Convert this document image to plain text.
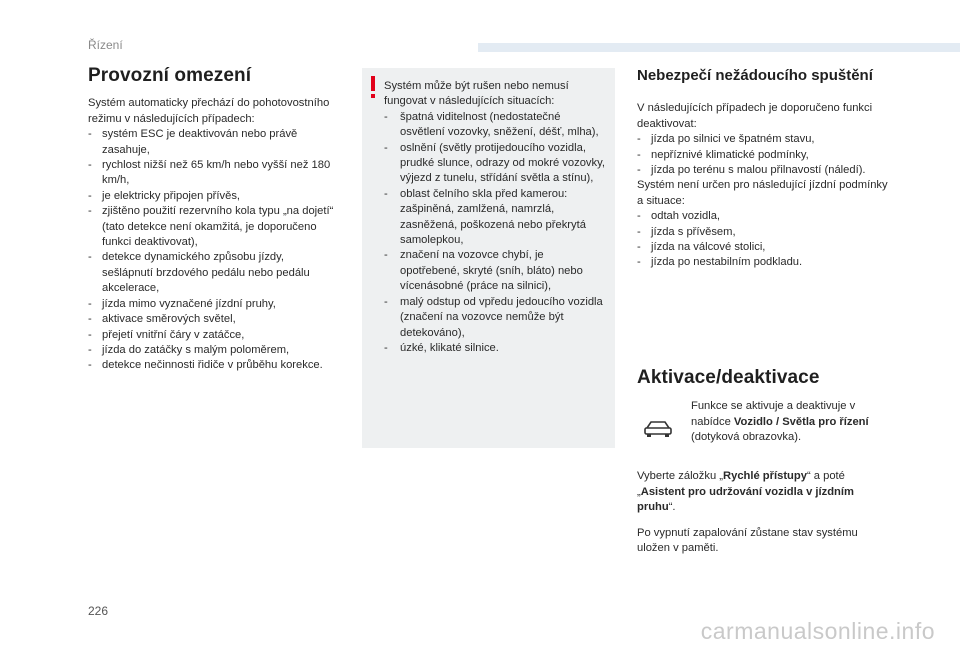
Řízení
Provozní omezení

Systém automaticky přechází do pohotovostního režimu v následujících případech:

- systém ESC je deaktivován nebo právě zasahuje,
- rychlost nižší než 65 km/h nebo vyšší než 180 km/h,
- je elektricky připojen přívěs,
- zjištěno použití rezervního kola typu „na dojetí“ (tato detekce není okamžitá, je doporučeno funkci deaktivovat),
- detekce dynamického způsobu jízdy, sešlápnutí brzdového pedálu nebo pedálu akcelerace,
- jízda mimo vyznačené jízdní pruhy,
- aktivace směrových světel,
- přejetí vnitřní čáry v zatáčce,
- jízda do zatáčky s malým poloměrem,
- detekce nečinnosti řidiče v průběhu korekce.

Systém může být rušen nebo nemusí fungovat v následujících situacích:

- špatná viditelnost (nedostatečné osvětlení vozovky, sněžení, déšť, mlha),
- oslnění (světly protijedoucího vozidla, prudké slunce, odrazy od mokré vozovky, výjezd z tunelu, střídání světla a stínu),
- oblast čelního skla před kamerou: zašpiněná, zamlžená, namrzlá, zasněžená, poškozená nebo překrytá samolepkou,
- značení na vozovce chybí, je opotřebené, skryté (sníh, bláto) nebo vícenásobné (práce na silnici),
- malý odstup od vpředu jedoucího vozidla (značení na vozovce nemůže být detekováno),
- úzké, klikaté silnice.
Nebezpečí nežádoucího spuštění

V následujících případech je doporučeno funkci deaktivovat:

- jízda po silnici ve špatném stavu,
- nepříznivé klimatické podmínky,
- jízda po terénu s malou přilnavostí (náledí).

Systém není určen pro následující jízdní podmínky a situace:

- odtah vozidla,
- jízda s přívěsem,
- jízda na válcové stolici,
- jízda po nestabilním podkladu.
Aktivace/deaktivace

Funkce se aktivuje a deaktivuje v nabídce Vozidlo / Světla pro řízení (dotyková obrazovka).

Vyberte záložku „Rychlé přístupy“ a poté „Asistent pro udržování vozidla v jízdním pruhu“.

Po vypnutí zapalování zůstane stav systému uložen v paměti.

226
carmanualsonline.info
